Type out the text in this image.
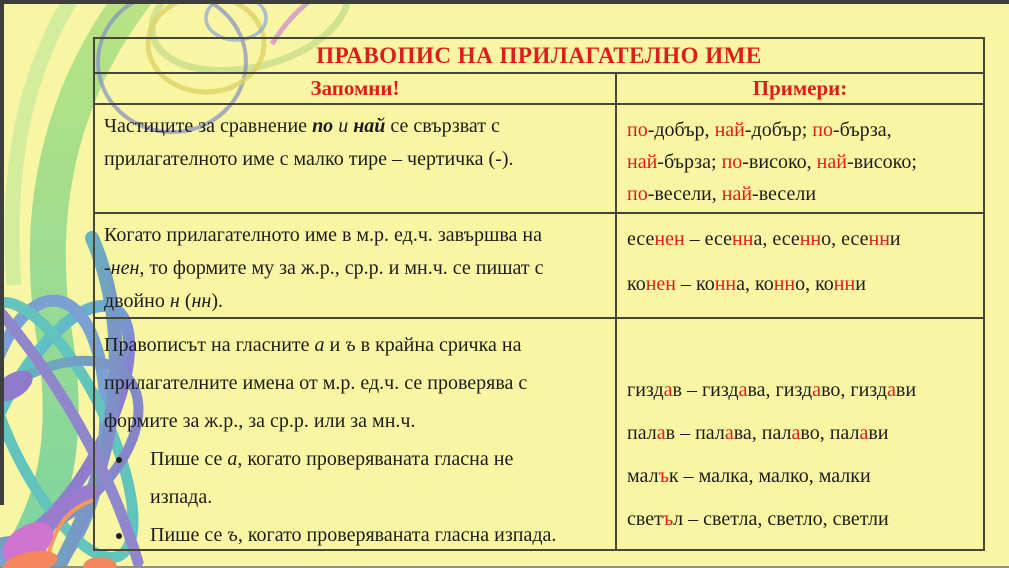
ПРАВОПИС НА ПРИЛАГАТЕЛНО ИМЕ
Запомни!	Примери:
Частиците за сравнение по и най се свързват с
прилагателното име с малко тире – чертичка (-).

по-добър, най-добър; по-бърза,
най-бърза; по-високо, най-високо;
по-весели, най-весели

Когато прилагателното име в м.р. ед.ч. завършва на
-нен, то формите му за ж.р., ср.р. и мн.ч. се пишат с
двойно н (нн).

есенен – есенна, есенно, есенни

конен – конна, конно, конни

Правописът на гласните а и ъ в крайна сричка на
прилагателните имена от м.р. ед.ч. се проверява с
формите за ж.р., за ср.р. или за мн.ч.
• Пише се а, когато проверяваната гласна не
изпада.
• Пише се ъ, когато проверяваната гласна изпада.

гиздав – гиздава, гиздаво, гиздави

палав – палава, палаво, палави

малък – малка, малко, малки

светъл – светла, светло, светли
